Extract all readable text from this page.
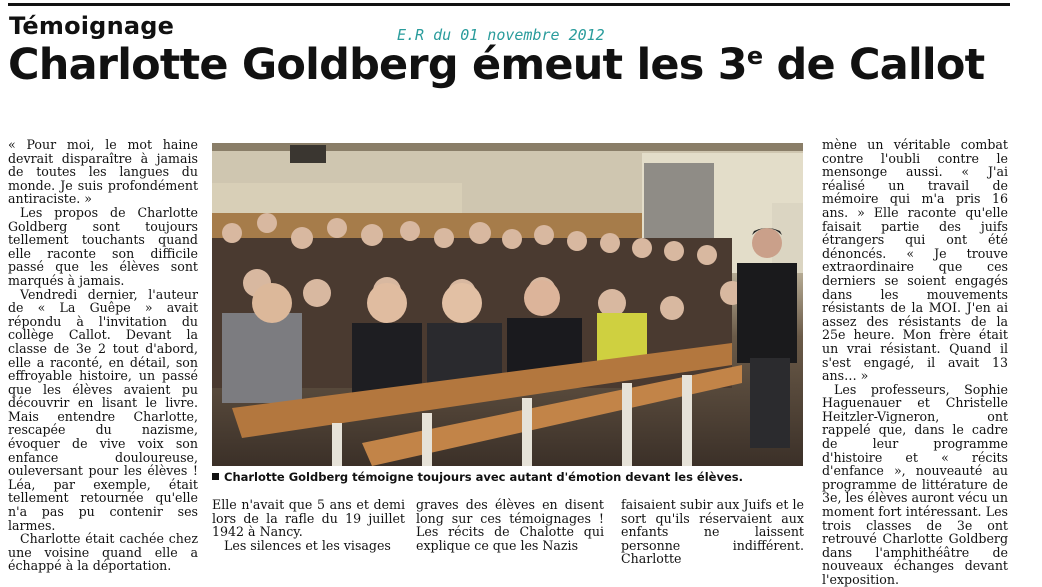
Témoignage	E.R du 01 novembre 2012
Charlotte Goldberg émeut les 3e de Callot

« Pour moi, le mot haine devrait disparaître à jamais de toutes les langues du monde. Je suis profondément antiraciste. »

Les propos de Charlotte Goldberg sont toujours tellement touchants quand elle raconte son difficile passé que les élèves sont marqués à jamais.

Vendredi dernier, l'auteur de « La Guêpe » avait répondu à l'invitation du collège Callot. Devant la classe de 3e 2 tout d'abord, elle a raconté, en détail, son effroyable histoire, un passé que les élèves avaient pu découvrir en lisant le livre. Mais entendre Charlotte, rescapée du nazisme, évoquer de vive voix son enfance douloureuse, ouleversant pour les élèves ! Léa, par exemple, était tellement retournée qu'elle n'a pas pu contenir ses larmes.

Charlotte était cachée chez une voisine quand elle a échappé à la déportation.

Charlotte Goldberg témoigne toujours avec autant d'émotion devant les élèves.

Elle n'avait que 5 ans et demi lors de la rafle du 19 juillet 1942 à Nancy.

Les silences et les visages

graves des élèves en disent long sur ces témoignages ! Les récits de Chalotte qui explique ce que les Nazis

faisaient subir aux Juifs et le sort qu'ils réservaient aux enfants ne laissent personne indifférent. Charlotte

mène un véritable combat contre l'oubli contre le mensonge aussi. « J'ai réalisé un travail de mémoire qui m'a pris 16 ans. » Elle raconte qu'elle faisait partie des juifs étrangers qui ont été dénoncés. « Je trouve extraordinaire que ces derniers se soient engagés dans les mouvements résistants de la MOI. J'en ai assez des résistants de la 25e heure. Mon frère était un vrai résistant. Quand il s'est engagé, il avait 13 ans… »

Les professeurs, Sophie Haguenauer et Christelle Heitzler-Vigneron, ont rappelé que, dans le cadre de leur programme d'histoire et « récits d'enfance », nouveauté au programme de littérature de 3e, les élèves auront vécu un moment fort intéressant. Les trois classes de 3e ont retrouvé Charlotte Goldberg dans l'amphithéâtre de nouveaux échanges devant l'exposition.
